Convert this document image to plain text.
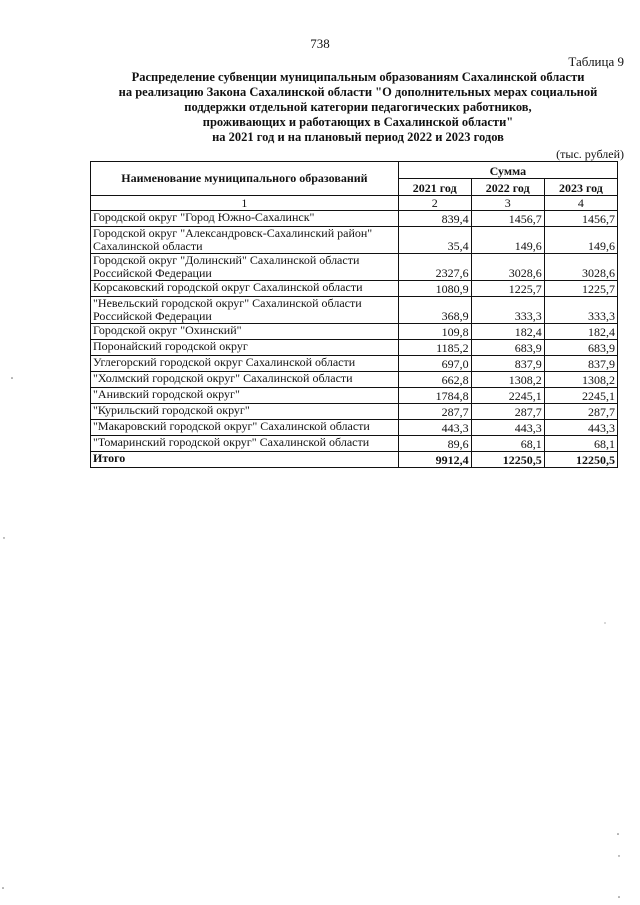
738
Таблица 9
Распределение субвенции муниципальным образованиям Сахалинской области
на реализацию Закона Сахалинской области "О дополнительных мерах социальной
поддержки отдельной категории педагогических работников,
проживающих и работающих в Сахалинской области"
на 2021 год и на плановый период 2022 и 2023 годов
(тыс. рублей)
Наименование муниципального образований	Сумма		
	2021 год	2022 год	2023 год
1	2	3	4
Городской округ "Город Южно-Сахалинск"	839,4	1456,7	1456,7
Городской округ "Александровск-Сахалинский район" Сахалинской области	35,4	149,6	149,6
Городской округ "Долинский" Сахалинской области Российской Федерации	2327,6	3028,6	3028,6
Корсаковский городской округ Сахалинской области	1080,9	1225,7	1225,7
"Невельский городской округ" Сахалинской области Российской Федерации	368,9	333,3	333,3
Городской округ "Охинский"	109,8	182,4	182,4
Поронайский городской округ	1185,2	683,9	683,9
Углегорский городской округ Сахалинской области	697,0	837,9	837,9
"Холмский городской округ" Сахалинской области	662,8	1308,2	1308,2
"Анивский городской округ"	1784,8	2245,1	2245,1
"Курильский городской округ"	287,7	287,7	287,7
"Макаровский городской округ" Сахалинской области	443,3	443,3	443,3
"Томаринский городской округ" Сахалинской области	89,6	68,1	68,1
Итого	9912,4	12250,5	12250,5
